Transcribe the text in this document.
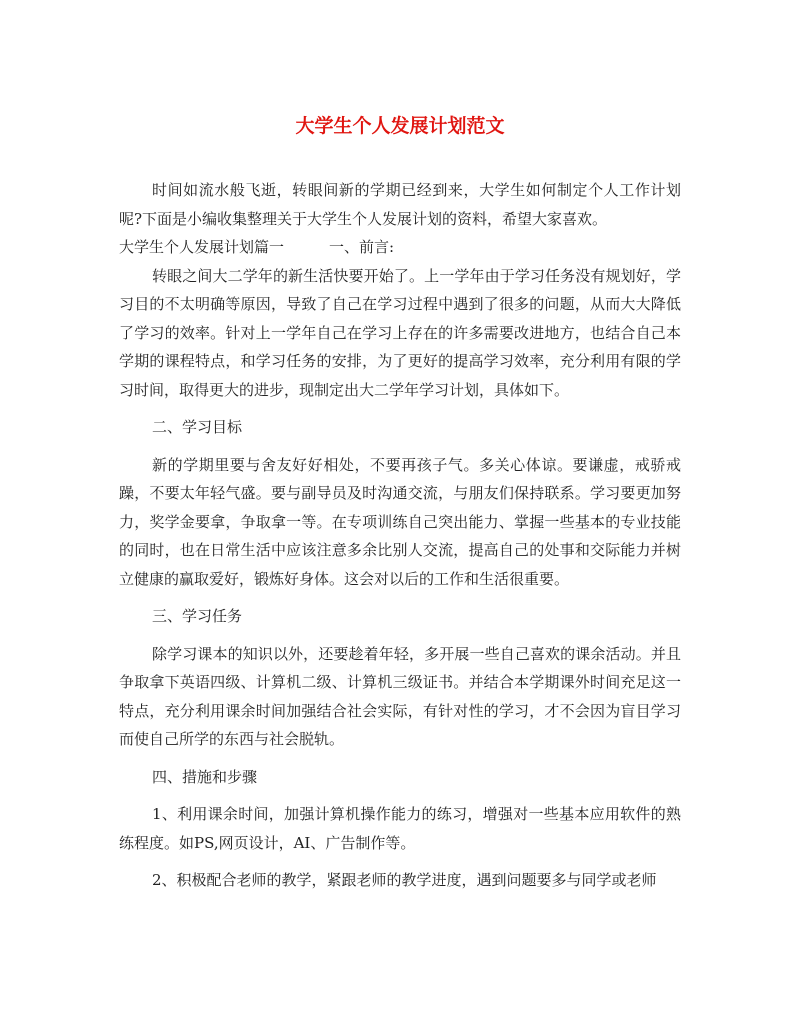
大学生个人发展计划范文

时间如流水般飞逝，转眼间新的学期已经到来，大学生如何制定个人工作计划呢?下面是小编收集整理关于大学生个人发展计划的资料，希望大家喜欢。

大学生个人发展计划篇一　　　一、前言:

转眼之间大二学年的新生活快要开始了。上一学年由于学习任务没有规划好，学习目的不太明确等原因，导致了自己在学习过程中遇到了很多的问题，从而大大降低了学习的效率。针对上一学年自己在学习上存在的许多需要改进地方，也结合自己本学期的课程特点，和学习任务的安排，为了更好的提高学习效率，充分利用有限的学习时间，取得更大的进步，现制定出大二学年学习计划，具体如下。

二、学习目标

新的学期里要与舍友好好相处，不要再孩子气。多关心体谅。要谦虚，戒骄戒躁，不要太年轻气盛。要与副导员及时沟通交流，与朋友们保持联系。学习要更加努力，奖学金要拿，争取拿一等。在专项训练自己突出能力、掌握一些基本的专业技能的同时，也在日常生活中应该注意多余比别人交流，提高自己的处事和交际能力并树立健康的赢取爱好，锻炼好身体。这会对以后的工作和生活很重要。

三、学习任务

除学习课本的知识以外，还要趁着年轻，多开展一些自己喜欢的课余活动。并且争取拿下英语四级、计算机二级、计算机三级证书。并结合本学期课外时间充足这一特点，充分利用课余时间加强结合社会实际，有针对性的学习，才不会因为盲目学习而使自己所学的东西与社会脱轨。

四、措施和步骤

1、利用课余时间，加强计算机操作能力的练习，增强对一些基本应用软件的熟练程度。如PS,网页设计，AI、广告制作等。

2、积极配合老师的教学，紧跟老师的教学进度，遇到问题要多与同学或老师
